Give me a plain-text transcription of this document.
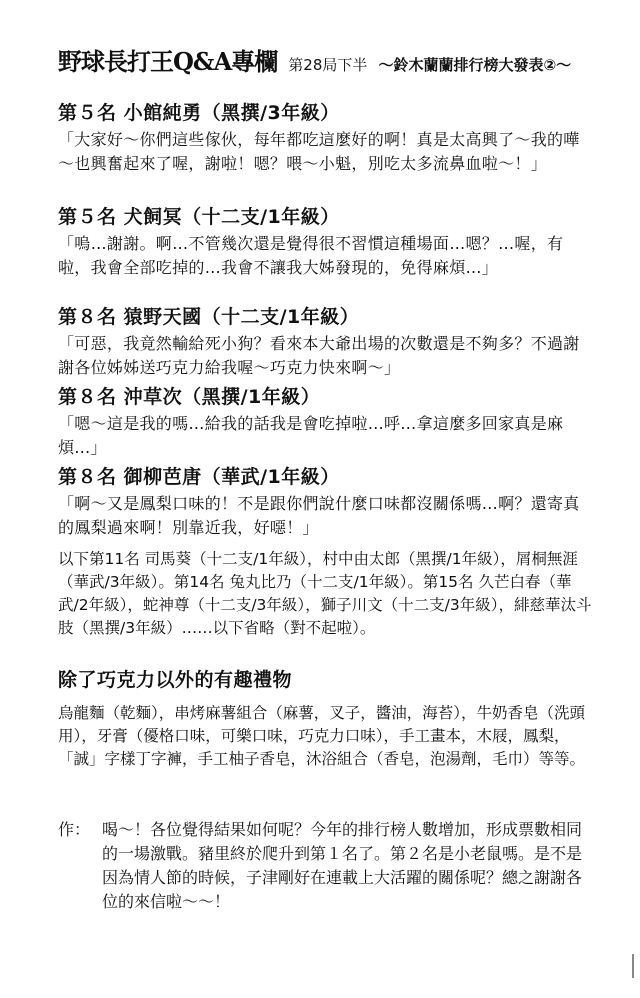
野球長打王Q&A專欄 第28局下半 ～鈴木蘭蘭排行榜大發表②～
第５名 小館純勇（黑撰/3年級）
「大家好～你們這些傢伙，每年都吃這麼好的啊！真是太高興了～我的嘩～也興奮起來了喔，謝啦！嗯？喂～小魁，別吃太多流鼻血啦～！」
第５名 犬飼冥（十二支/1年級）
「嗚…謝謝。啊…不管幾次還是覺得很不習慣這種場面…嗯？…喔，有啦，我會全部吃掉的…我會不讓我大姊發現的，免得麻煩…」
第８名 猿野天國（十二支/1年級）
「可惡，我竟然輸給死小狗？看來本大爺出場的次數還是不夠多？不過謝謝各位姊姊送巧克力給我喔～巧克力快來啊～」
第８名 沖草次（黑撰/1年級）
「嗯～這是我的嗎…給我的話我是會吃掉啦…呼…拿這麼多回家真是麻煩…」
第８名 御柳芭唐（華武/1年級）
「啊～又是鳳梨口味的！不是跟你們說什麼口味都沒關係嗎…啊？還寄真的鳳梨過來啊！別靠近我，好噁！」
以下第11名 司馬葵（十二支/1年級），村中由太郎（黑撰/1年級），屑桐無涯（華武/3年級）。第14名 兔丸比乃（十二支/1年級）。第15名 久芒白春（華武/2年級），蛇神尊（十二支/3年級），獅子川文（十二支/3年級），緋慈華汰斗肢（黑撰/3年級）……以下省略（對不起啦）。
除了巧克力以外的有趣禮物
烏龍麵（乾麵），串烤麻薯組合（麻薯，叉子，醬油，海苔），牛奶香皂（洗頭用），牙膏（優格口味，可樂口味，巧克力口味），手工畫本，木屐，鳳梨，「誠」字樣丁字褲，手工柚子香皂，沐浴組合（香皂，泡湯劑，毛巾）等等。
作： 喝～！各位覺得結果如何呢？今年的排行榜人數增加，形成票數相同的一場激戰。豬里終於爬升到第１名了。第２名是小老鼠嗎。是不是因為情人節的時候，子津剛好在連載上大活躍的關係呢？總之謝謝各位的來信啦～～！
